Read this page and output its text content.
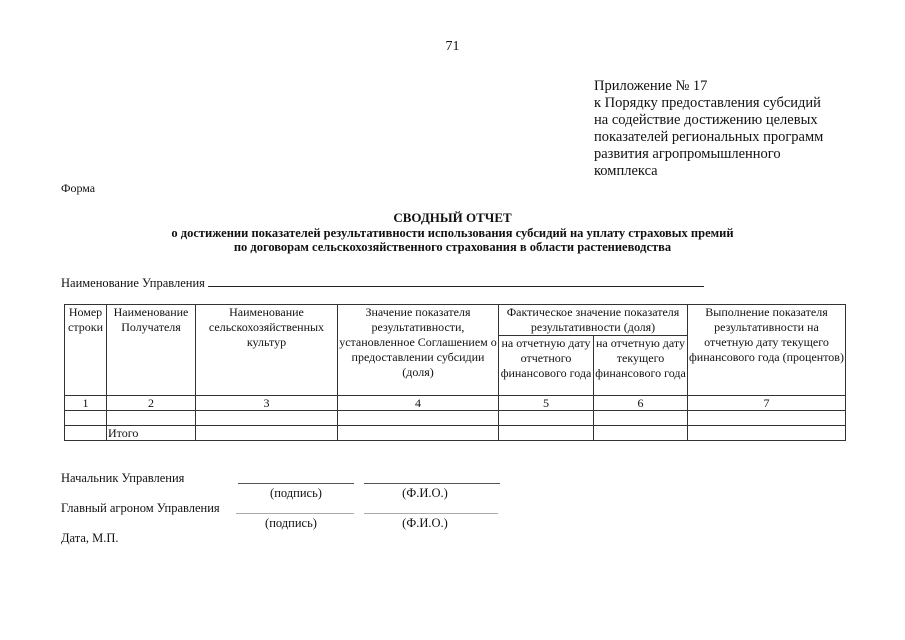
71
Приложение № 17
к Порядку предоставления субсидий
на содействие достижению целевых
показателей региональных программ
развития агропромышленного
комплекса
Форма
СВОДНЫЙ ОТЧЕТ
о достижении показателей результативности использования субсидий на уплату страховых премий
по договорам сельскохозяйственного страхования в области растениеводства
Наименование Управления
Номер строки	Наименование Получателя	Наименование сельскохозяйственных культур	Значение показателя результативности, установленное Соглашением о предоставлении субсидии (доля)	Фактическое значение показателя результативности (доля)		Выполнение показателя результативности на отчетную дату текущего финансового года (процентов)
				на отчетную дату отчетного финансового года	на отчетную дату текущего финансового года	
1	2	3	4	5	6	7

	Итого					
Начальник Управления
(подпись)	(Ф.И.О.)
Главный агроном Управления
(подпись)	(Ф.И.О.)
Дата, М.П.
